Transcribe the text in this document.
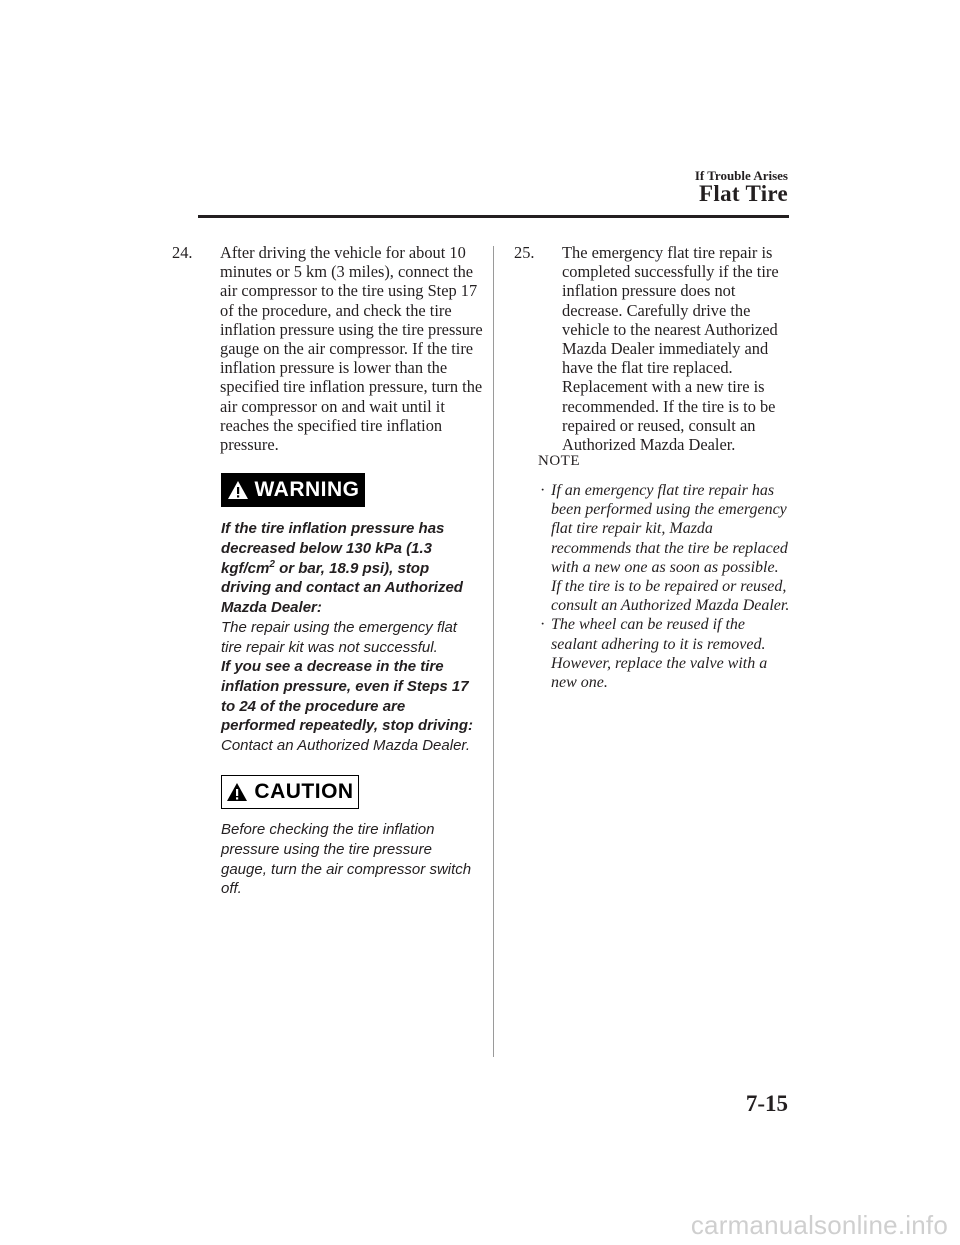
If Trouble Arises
Flat Tire
24. After driving the vehicle for about 10 minutes or 5 km (3 miles), connect the air compressor to the tire using Step 17 of the procedure, and check the tire inflation pressure using the tire pressure gauge on the air compressor. If the tire inflation pressure is lower than the specified tire inflation pressure, turn the air compressor on and wait until it reaches the specified tire inflation pressure.
WARNING
If the tire inflation pressure has decreased below 130 kPa (1.3 kgf/$cm^2$ or bar, 18.9 psi), stop driving and contact an Authorized Mazda Dealer:
The repair using the emergency flat tire repair kit was not successful.
If you see a decrease in the tire inflation pressure, even if Steps 17 to 24 of the procedure are performed repeatedly, stop driving:
Contact an Authorized Mazda Dealer.
CAUTION
Before checking the tire inflation pressure using the tire pressure gauge, turn the air compressor switch off.
25. The emergency flat tire repair is completed successfully if the tire inflation pressure does not decrease. Carefully drive the vehicle to the nearest Authorized Mazda Dealer immediately and have the flat tire replaced. Replacement with a new tire is recommended. If the tire is to be repaired or reused, consult an Authorized Mazda Dealer.
NOTE
· If an emergency flat tire repair has been performed using the emergency flat tire repair kit, Mazda recommends that the tire be replaced with a new one as soon as possible. If the tire is to be repaired or reused, consult an Authorized Mazda Dealer.
· The wheel can be reused if the sealant adhering to it is removed. However, replace the valve with a new one.
7-15
carmanualsonline.info
